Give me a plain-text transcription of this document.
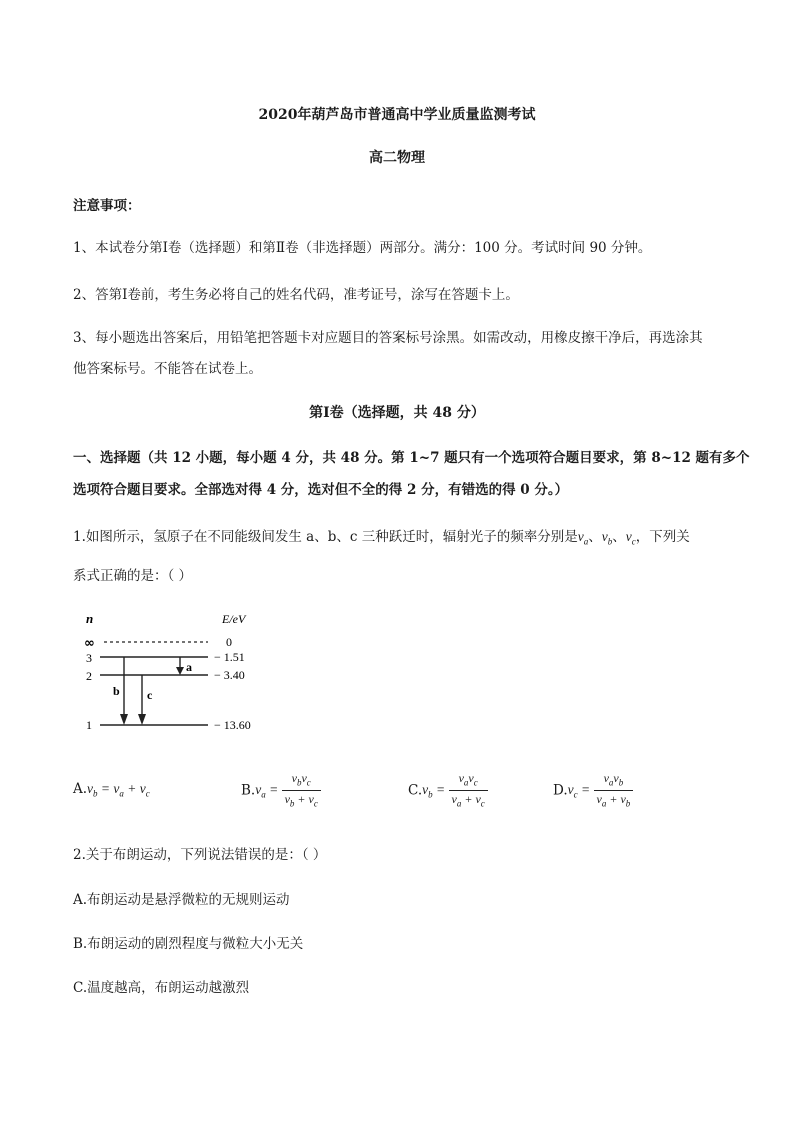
2020年葫芦岛市普通高中学业质量监测考试
高二物理
注意事项：
1、本试卷分第Ⅰ卷（选择题）和第Ⅱ卷（非选择题）两部分。满分：100 分。考试时间 90 分钟。
2、答第Ⅰ卷前，考生务必将自己的姓名代码，准考证号，涂写在答题卡上。
3、每小题选出答案后，用铅笔把答题卡对应题目的答案标号涂黑。如需改动，用橡皮擦干净后，再选涂其
他答案标号。不能答在试卷上。
第Ⅰ卷（选择题，共 48 分）
一、选择题（共 12 小题，每小题 4 分，共 48 分。第 1~7 题只有一个选项符合题目要求，第 8~12 题有多个
选项符合题目要求。全部选对得 4 分，选对但不全的得 2 分，有错选的得 0 分。）
1.如图所示，氢原子在不同能级间发生 a、b、c 三种跃迁时，辐射光子的频率分别是$\nu_a$、$\nu_b$、$\nu_c$，下列关
系式正确的是：（ ）
n	E/eV
∞	0
3	− 1.51
2	− 3.40
1	− 13.60
a
b c
$A.\nu_b = \nu_a + \nu_c$	$B.\nu_a = \frac{\nu_b\nu_c}{\nu_b + \nu_c}$	$C.\nu_b = \frac{\nu_a\nu_c}{\nu_a + \nu_c}$	$D.\nu_c = \frac{\nu_a\nu_b}{\nu_a + \nu_b}$
2.关于布朗运动，下列说法错误的是：（ ）
A.布朗运动是悬浮微粒的无规则运动
B.布朗运动的剧烈程度与微粒大小无关
C.温度越高，布朗运动越激烈
